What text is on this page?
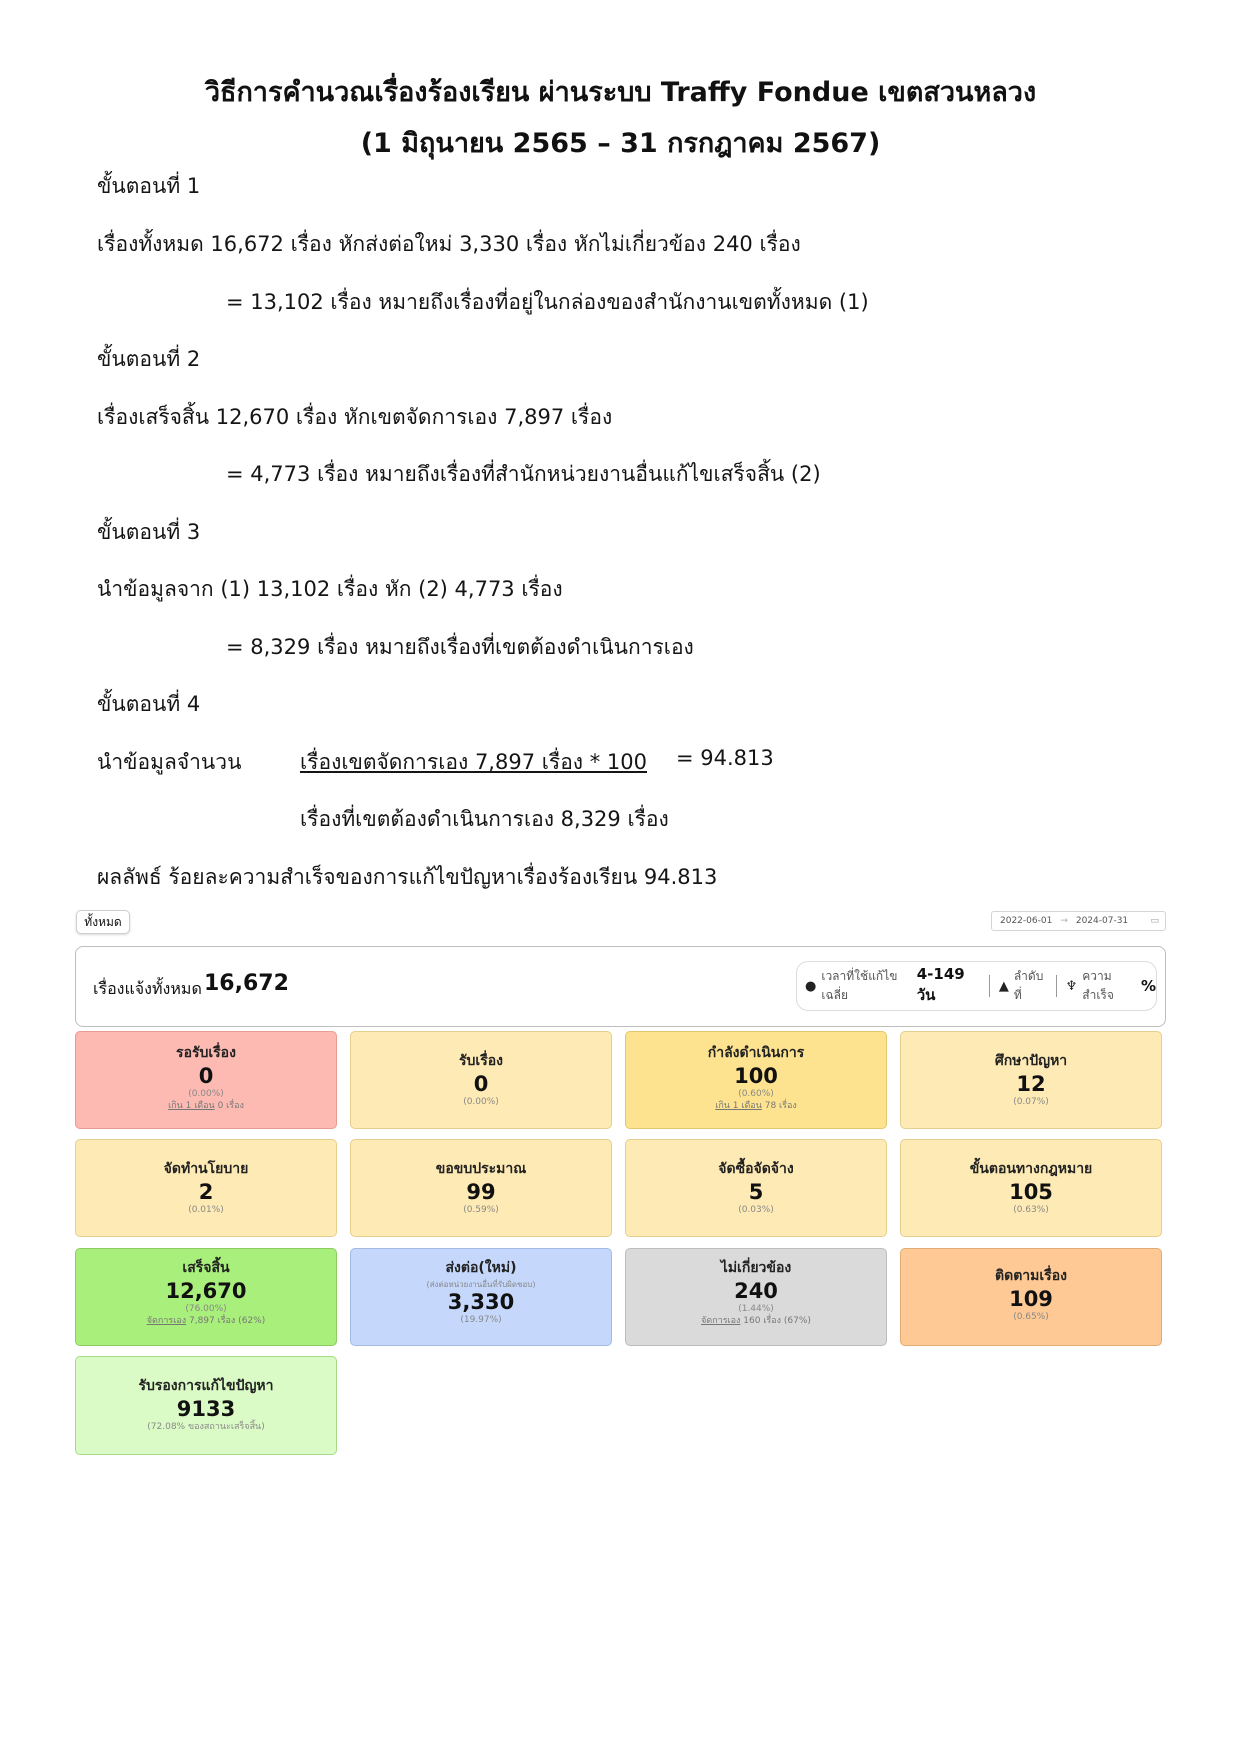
วิธีการคำนวณเรื่องร้องเรียน ผ่านระบบ Traffy Fondue เขตสวนหลวง
(1 มิถุนายน 2565 – 31 กรกฎาคม 2567)
ขั้นตอนที่ 1
เรื่องทั้งหมด 16,672 เรื่อง หักส่งต่อใหม่ 3,330 เรื่อง หักไม่เกี่ยวข้อง 240 เรื่อง
= 13,102 เรื่อง หมายถึงเรื่องที่อยู่ในกล่องของสำนักงานเขตทั้งหมด (1)
ขั้นตอนที่ 2
เรื่องเสร็จสิ้น 12,670 เรื่อง หักเขตจัดการเอง 7,897 เรื่อง
= 4,773 เรื่อง หมายถึงเรื่องที่สำนักหน่วยงานอื่นแก้ไขเสร็จสิ้น (2)
ขั้นตอนที่ 3
นำข้อมูลจาก (1) 13,102 เรื่อง หัก (2) 4,773 เรื่อง
= 8,329 เรื่อง หมายถึงเรื่องที่เขตต้องดำเนินการเอง
ขั้นตอนที่ 4
นำข้อมูลจำนวน	เรื่องเขตจัดการเอง 7,897 เรื่อง * 100 = 94.813
เรื่องที่เขตต้องดำเนินการเอง 8,329 เรื่อง
ผลลัพธ์ ร้อยละความสำเร็จของการแก้ไขปัญหาเรื่องร้องเรียน 94.813
ทั้งหมด	2022-06-01 → 2024-07-31 ▭
เรื่องแจ้งทั้งหมด 16,672	●
เวลาที่ใช้แก้ไขเฉลี่ย
4-149 วัน	▲
ลำดับที่
♆
ความสำเร็จ	%
รอรับเรื่อง
0
(0.00%)
เกิน 1 เดือน 0 เรื่อง
รับเรื่อง
0
(0.00%)
กำลังดำเนินการ
100
(0.60%)
เกิน 1 เดือน 78 เรื่อง
ศึกษาปัญหา
12
(0.07%)
จัดทำนโยบาย
2
(0.01%)
ขอขบประมาณ
99
(0.59%)
จัดซื้อจัดจ้าง
5
(0.03%)
ขั้นตอนทางกฎหมาย
105
(0.63%)
เสร็จสิ้น
12,670
(76.00%)
จัดการเอง 7,897 เรื่อง (62%)
ส่งต่อ(ใหม่)
(ส่งต่อหน่วยงานอื่นที่รับผิดชอบ)
3,330
(19.97%)
ไม่เกี่ยวข้อง
240
(1.44%)
จัดการเอง 160 เรื่อง (67%)
ติดตามเรื่อง
109
(0.65%)
รับรองการแก้ไขปัญหา
9133
(72.08% ของสถานะเสร็จสิ้น)
